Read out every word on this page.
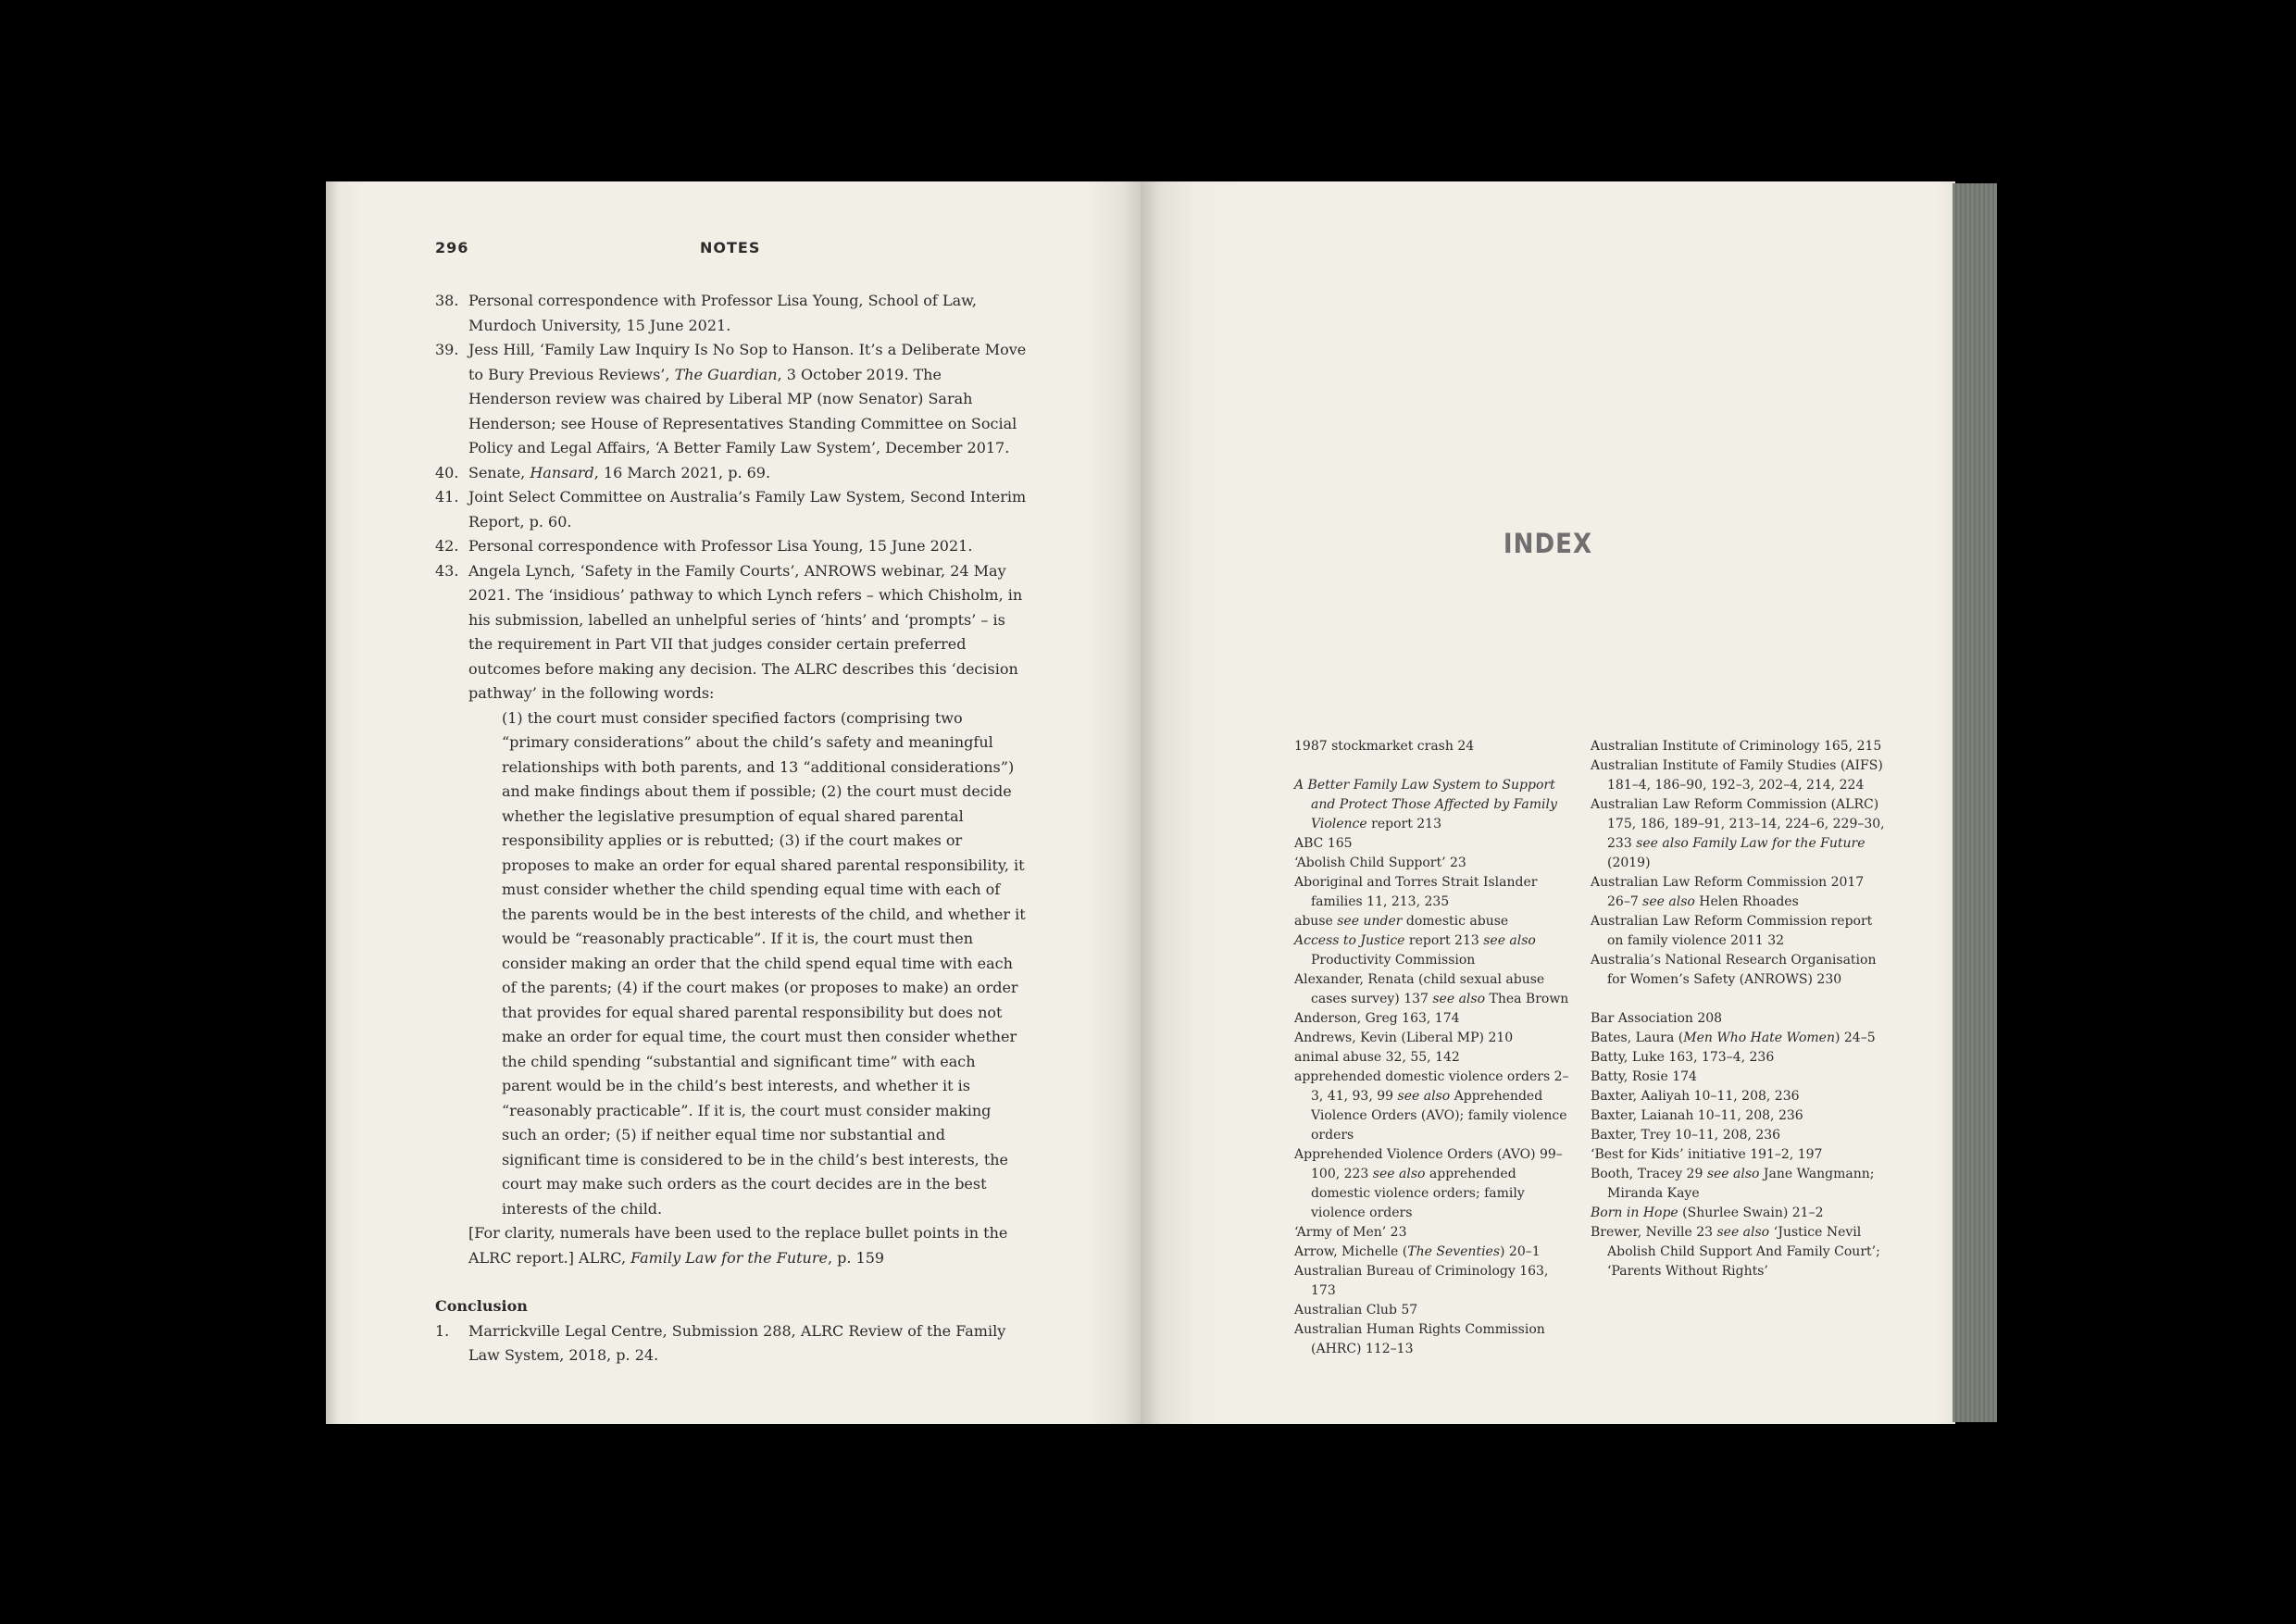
296	NOTES
38. Personal correspondence with Professor Lisa Young, School of Law, Murdoch University, 15 June 2021.
39. Jess Hill, ‘Family Law Inquiry Is No Sop to Hanson. It’s a Deliberate Move to Bury Previous Reviews’, The Guardian, 3 October 2019. The Henderson review was chaired by Liberal MP (now Senator) Sarah Henderson; see House of Representatives Standing Committee on Social Policy and Legal Affairs, ‘A Better Family Law System’, December 2017.
40. Senate, Hansard, 16 March 2021, p. 69.
41. Joint Select Committee on Australia’s Family Law System, Second Interim Report, p. 60.
42. Personal correspondence with Professor Lisa Young, 15 June 2021.
43. Angela Lynch, ‘Safety in the Family Courts’, ANROWS webinar, 24 May 2021. The ‘insidious’ pathway to which Lynch refers – which Chisholm, in his submission, labelled an unhelpful series of ‘hints’ and ‘prompts’ – is the requirement in Part VII that judges consider certain preferred outcomes before making any decision. The ALRC describes this ‘decision pathway’ in the following words:
(1) the court must consider specified factors (comprising two “primary considerations” about the child’s safety and meaningful relationships with both parents, and 13 “additional considerations”) and make findings about them if possible; (2) the court must decide whether the legislative presumption of equal shared parental responsibility applies or is rebutted; (3) if the court makes or proposes to make an order for equal shared parental responsibility, it must consider whether the child spending equal time with each of the parents would be in the best interests of the child, and whether it would be “reasonably practicable”. If it is, the court must then consider making an order that the child spend equal time with each of the parents; (4) if the court makes (or proposes to make) an order that provides for equal shared parental responsibility but does not make an order for equal time, the court must then consider whether the child spending “substantial and significant time” with each parent would be in the child’s best interests, and whether it is “reasonably practicable”. If it is, the court must consider making such an order; (5) if neither equal time nor substantial and significant time is considered to be in the child’s best interests, the court may make such orders as the court decides are in the best interests of the child.
[For clarity, numerals have been used to the replace bullet points in the ALRC report.] ALRC, Family Law for the Future, p. 159
Conclusion
1.	Marrickville Legal Centre, Submission 288, ALRC Review of the Family Law System, 2018, p. 24.
INDEX
1987 stockmarket crash 24
A Better Family Law System to Support and Protect Those Affected by Family Violence report 213
ABC 165
‘Abolish Child Support’ 23
Aboriginal and Torres Strait Islander families 11, 213, 235
abuse see under domestic abuse
Access to Justice report 213 see also Productivity Commission
Alexander, Renata (child sexual abuse cases survey) 137 see also Thea Brown
Anderson, Greg 163, 174
Andrews, Kevin (Liberal MP) 210
animal abuse 32, 55, 142
apprehended domestic violence orders 2–3, 41, 93, 99 see also Apprehended Violence Orders (AVO); family violence orders
Apprehended Violence Orders (AVO) 99–100, 223 see also apprehended domestic violence orders; family violence orders
‘Army of Men’ 23
Arrow, Michelle (The Seventies) 20–1
Australian Bureau of Criminology 163, 173
Australian Club 57
Australian Human Rights Commission (AHRC) 112–13
Australian Institute of Criminology 165, 215
Australian Institute of Family Studies (AIFS) 181–4, 186–90, 192–3, 202–4, 214, 224
Australian Law Reform Commission (ALRC) 175, 186, 189–91, 213–14, 224–6, 229–30, 233 see also Family Law for the Future (2019)
Australian Law Reform Commission 2017 26–7 see also Helen Rhoades
Australian Law Reform Commission report on family violence 2011 32
Australia’s National Research Organisation for Women’s Safety (ANROWS) 230
Bar Association 208
Bates, Laura (Men Who Hate Women) 24–5
Batty, Luke 163, 173–4, 236
Batty, Rosie 174
Baxter, Aaliyah 10–11, 208, 236
Baxter, Laianah 10–11, 208, 236
Baxter, Trey 10–11, 208, 236
‘Best for Kids’ initiative 191–2, 197
Booth, Tracey 29 see also Jane Wangmann; Miranda Kaye
Born in Hope (Shurlee Swain) 21–2
Brewer, Neville 23 see also ‘Justice Nevil Abolish Child Support And Family Court’; ‘Parents Without Rights’
